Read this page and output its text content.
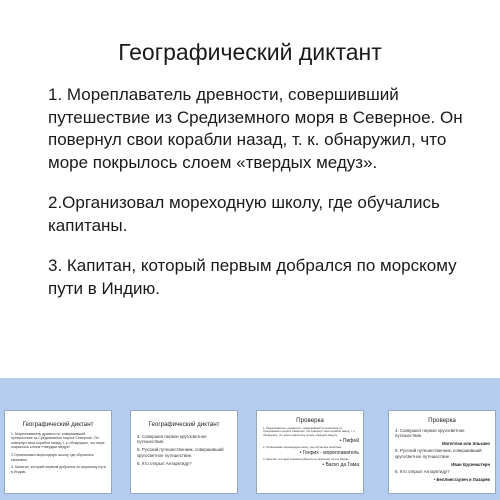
Географический диктант

1. Мореплаватель древности, совершивший путешествие из Средиземного моря в Северное. Он повернул свои корабли назад, т. к. обнаружил, что море покрылось слоем «твердых медуз».

2.Организовал мореходную школу, где обучались капитаны.

3. Капитан, который первым добрался по морскому пути в Индию.

Географический диктант

1. Мореплаватель древности, совершивший путешествие из Средиземного моря в Северное. Он повернул свои корабли назад, т. к. обнаружил, что море покрылось слоем «твердых медуз».

2.Организовал мореходную школу, где обучались капитаны.

3. Капитан, который первым добрался по морскому пути в Индию.

Географический диктант

4. Совершил первое кругосветное путешествие.

5. Русский путешественник, совершивший кругосветное путешествие.

6. Кто открыл Антарктиду?

Проверка

1. Мореплаватель древности, совершивший путешествие из Средиземного моря в Северное. Он повернул свои корабли назад, т. к. обнаружил, что море покрылось слоем «твердых медуз».

• Пифей

2. Организовал мореходную школу, где обучались капитаны.

• Генрих - мореплаватель

3. Капитан, который первым добрался по морскому пути в Индию.

• Васко да Гама
Проверка

4. Совершил первое кругосветное путешествие.

Магеллан или Элькано

5. Русский путешественник, совершивший кругосветное путешествие.

Иван Крузенштерн

6. Кто открыл Антарктиду?

• Беллинсгаузен и Лазарев
